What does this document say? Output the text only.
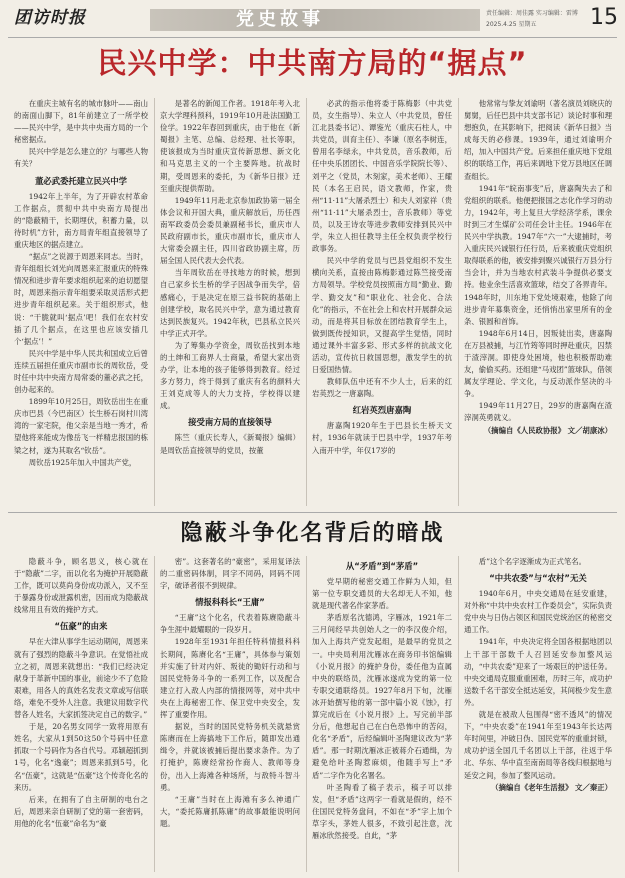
团访时报	党史故事	责任编辑：周佳露 实习编辑：雷博
2025.4.25 星期五	15
民兴中学：中共南方局的“据点”

在重庆主城有名的城市脉叶——南山的南面山脚下，81年前建立了一所学校——民兴中学，是中共中央南方局的一个秘密据点。

民兴中学是怎么建立的？与哪些人物有关？

董必武委托建立民兴中学

1942年上半年，为了开辟农村革命工作据点，贯彻中共中央南方局提出的“隐蔽精干，长期埋伏，积蓄力量，以待时机”方针，南方局青年组直接领导了重庆地区的据点建立。

“据点”之说源于周恩来同志。当时，青年组组长刘光向周恩来汇报重庆的特殊情况和进步青年要求组织起来的迫切愿望时，周恩来指示青年组要采取灵活形式把进步青年组织起来。关于组织形式，他说：“干脆就叫‘据点’吧！我们在农村安插了几个据点，在这里也应该安插几个‘据点’！”

民兴中学是中华人民共和国成立后曾连续五届担任重庆市副市长的周钦岳，受时任中共中央南方局常委的董必武之托，创办起来的。

1899年10月25日，周钦岳出生在重庆市巴县（今巴南区）长生桥石岗村川湾湾的一家宅院，他父亲是当地一秀才，希望他将来能成为像岳飞一样精忠报国的栋梁之材，遂为其取名“钦岳”。

周钦岳1925年加入中国共产党，

是著名的新闻工作者。1918年考入北京大学理科预科，1919年10月赴法国勤工俭学。1922年春回到重庆，由于他在《新蜀报》主笔、总编、总经理、社长等职，使该报成为当时重庆宣传新思想、新文化和马克思主义的一个主要阵地。抗战时期，受周恩来的委托，为《新华日报》迁至重庆提供帮助。

1949年11月赴北京参加政协第一届全体会议和开国大典，重庆解放后，历任西南军政委员会委员兼副秘书长，重庆市人民政府副市长，重庆市副市长，重庆市人大常委会副主任，四川省政协副主席，历届全国人民代表大会代表。

当年周钦岳在寻找地方的时候，想到自己家乡长生桥的学子因战争而失学，倍感痛心，于是决定在原三益书院的基础上创建学校，取名民兴中学，意为通过教育达到民族复兴。1942年秋，巴县私立民兴中学正式开学。

为了筹集办学资金，周钦岳找到本地的土绅和工商界人士商量，希望大家出资办学，让本地的孩子能够得到教育。经过多方努力，终于得到了重庆有名的颜料大王刘克成等人的大力支持，学校得以建成。

接受南方局的直接领导

陈竺（重庆长寿人，《新蜀报》编辑）是周钦岳直接领导的党员，按董

必武的指示他将委于陈梅影（中共党员，女生指导）、朱立人（中共党员，曾任江北县委书记）、谭鉴光（重庆石柱人，中共党员，训育主任）、李谦（原名李树连，曾用名李绿永，中共党员，音乐教师，后任中央乐团团长、中国音乐学院院长等）、刘平之（党员，木刻家，美术老师）、王耀民（本名王启民，语文教师，作家，贵州“11·11”大屠杀烈士）和夫人刘家祥（贵州“11·11”大屠杀烈士，音乐教师）等党员，以及王诗农等进步教师安排到民兴中学，朱立人担任教导主任全权负责学校行政事务。

民兴中学的党员与巴县党组织不发生横向关系，直接由陈梅影通过陈竺接受南方局领导。学校党员按照南方局“勤业、勤学、勤交友”和“职业化、社会化、合法化”的指示，不在社会上和农村开展群众运动，而是将其目标放在团结教育学生上，做到既传授知识，又提高学生觉悟，同时通过课外丰富多彩、形式多样的抗战文化活动，宣传抗日救国思想，激发学生的抗日爱国热情。

教师队伍中还有不少人士，后来的红岩英烈之一唐嘉陶。

红岩英烈唐嘉陶

唐嘉陶1920年生于巴县长生桥天文村，1936年就读于巴县中学，1937年考入南开中学，年仅17岁的

他常常与挚友刘谕明（著名演员刘晓庆的舅舅，后任巴县中共支部书记）谈论时事和理想抱负，在其影响下，把阅读《新华日报》当成每天的必修课。1939年，通过刘谕明介绍，加入中国共产党。后来担任重庆地下党组织的联络工作，再后来调地下党万县地区任调查组长。

1941年“皖南事变”后，唐嘉陶失去了和党组织的联系。他便把报国之志化作学习的动力，1942年，考上复旦大学经济学系，课余时到三才生煤矿公司任会计主任。1946年在民兴中学执教。1947年“六一”大逮捕时，考入重庆民兴诚银行任行员，后来被重庆党组织取得联系的他，被安排到聚兴诚银行万县分行当会计，并为当地农村武装斗争提供必要支持。他业余生活喜欢篮球，结交了各界青年。1948年时，川东地下党处境艰难，他除了向进步青年募集资金，还悄悄出家里所有的金条、银圆和首饰。

1948年6月14日，因叛徒出卖，唐嘉陶在万县被捕，与江竹筠等同时押赴重庆，囚禁于渣滓洞。即使身处困境，他也积极帮助难友，偷偷买药。还组建“马戏团”篮球队，借领属友学理论、学文化，与反动派作坚决的斗争。

1949年11月27日，29岁的唐嘉陶在渣滓洞英勇就义。

（摘编自《人民政协报》 文／胡康冰）

隐蔽斗争化名背后的暗战

隐蔽斗争，顾名思义，核心就在于“隐蔽”二字，而以化名为掩护开展隐蔽工作，既可以莫尚身份成功派入，又不至于暴露身份或泄露机密，因而成为隐蔽战线常用且有效的掩护方式。

“伍豪”的由来

早在大津从事学生运动期间，周恩来就有了强烈的隐蔽斗争意识。在觉悟社成立之初，周恩来就想出：“我们已经决定献身于革新中国的事业，前途少不了危险艰难，用各人的真姓名发表文章或写信联络，难免不受外人注意。我建议用数字代替各人姓名，大家抓签决定自己的数字。”

于是，20名男女同学一致将用原有姓名，大家从1到50这50个号码中任意抓取一个号码作为各自代号。邓颖超抓到1号，化名“逸豪”；周恩来抓到5号，化名“伍豪”，这就是“伍豪”这个传奇化名的来历。

后来，在拥有了自主研制的电台之后，周恩来亲自研制了党的第一套密码，用他的化名“伍豪”命名为“豪

密”。这套著名的“豪密”，采用复译法的二重密码体制，同字不同码，同码不同字，破译者很不到规律。

情报科科长“王庸”

“王庸”这个化名，代表着陈赓隐蔽斗争生涯中最耀眼的一段岁月。

1928年至1931年担任特科情报科科长期间，陈赓化名“王庸”，具体参与策划并实施了针对内奸、叛徒的锄奸行动和与国民党特务斗争的一系列工作，以及配合建立打入敌人内部的情报网等，对中共中央在上海秘密工作、保卫党中央安全，发挥了重要作用。

据说，当时的国民党特务机关就悬赏陈赓而在上海搞地下工作后，随即发出通缉令，并就该被捕后提出要求条件。为了打掩护，陈赓经常扮作商人、教师等身份，出入上海滩各种场所，与敌特斗智斗勇。

“王庸”当时在上海滩有多么神通广大，“委托陈庸抓陈庸”的故事最能说明问题。

从“矛盾”到“茅盾”

党早期的秘密交通工作鲜为人知，但第一位专职交通员的大名却无人不知，他就是现代著名作家茅盾。

茅盾原名沈德鸿，字雁冰，1921年二三月间经早共创始人之一的李汉俊介绍，加入上海共产党发起组，是最早的党员之一。中央局利用沈雁冰在商务印书馆编辑《小说月报》的掩护身份，委任他为直属中央的联络员，沈雁冰遂成为党的第一位专职交通联络员。1927年8月下旬，沈雁冰开始撰写他的第一部中篇小说《蚀》，打算完成后在《小说月报》上。写完前半部分后，他想起自己在白色恐怖中的苦闷，化名“矛盾”，后经编辑叶圣陶建议改为“茅盾”。那一时期沈雁冰正被蒋介石通缉，为避免给叶圣陶惹麻烦，他随手写上“矛盾”二字作为化名署名。

叶圣陶看了稿子表示，稿子可以排发，但“矛盾”这两字一看就是假的，经不住国民党特务盘问，不如在“矛”字上加个草字头，茅姓人很多，不致引起注意，沈雁冰欣然接受。自此，“茅

盾”这个名字逐渐成为正式笔名。

“中共农委”与“农村”无关

1940年6月，中央交通局在延安重建，对外称“中共中央农村工作委员会”，实际负责党中央与日伪占领区和国民党统治区的秘密交通工作。

1941年，中央决定将全国各根据地团以上干部干部数千人召回延安参加整风运动，“中共农委”迎来了一场艰巨的护送任务。中央交通局克服重重困难，历时三年，成功护送数千名干部安全抵达延安，其间极少发生意外。

就是在被敌人包围得“密不透风”的情况下，“中央农委”在1941年至1943年长达两年时间里，冲破日伪、国民党军的重重封锁，成功护送全国几千名团以上干部，往返于华北、华东、华中直至南南局等各线归根据地与延安之间，参加了整风运动。

（摘编自《老年生活报》 文／秦正）
